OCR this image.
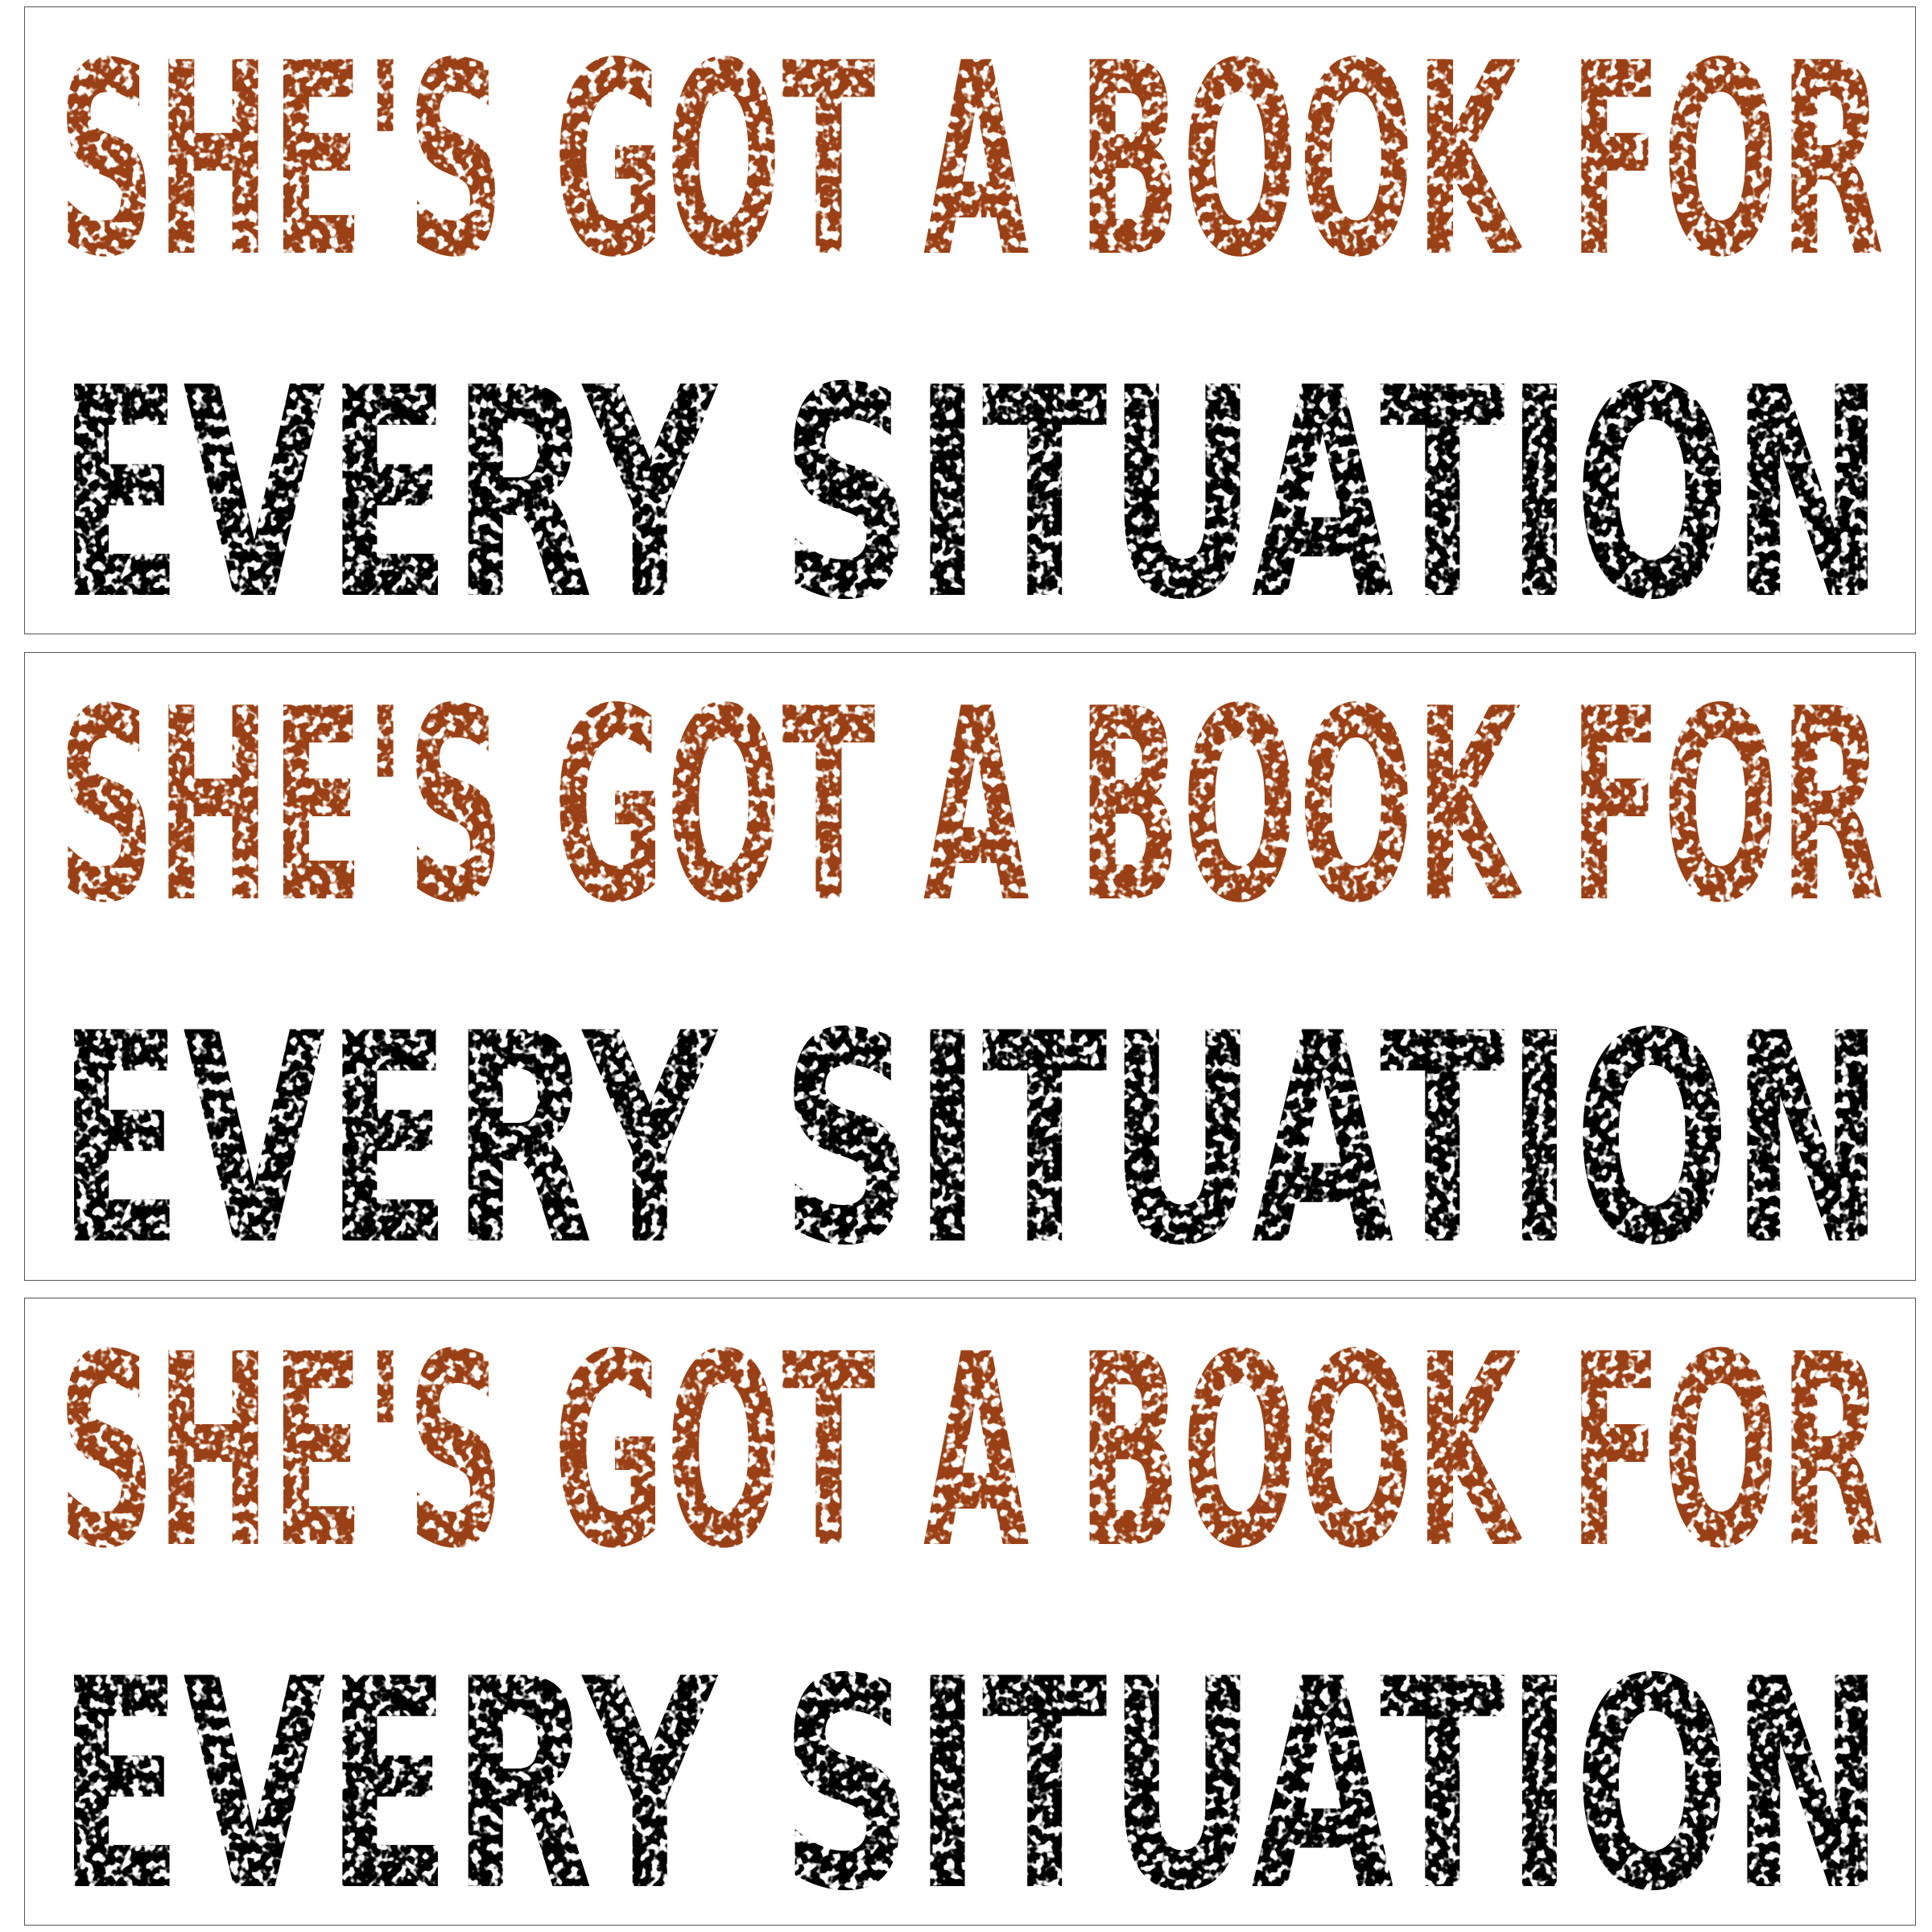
SHE'S GOT A BOOK FOR
EVERY SITUATION
SHE'S GOT A BOOK FOR
EVERY SITUATION
SHE'S GOT A BOOK FOR
EVERY SITUATION
